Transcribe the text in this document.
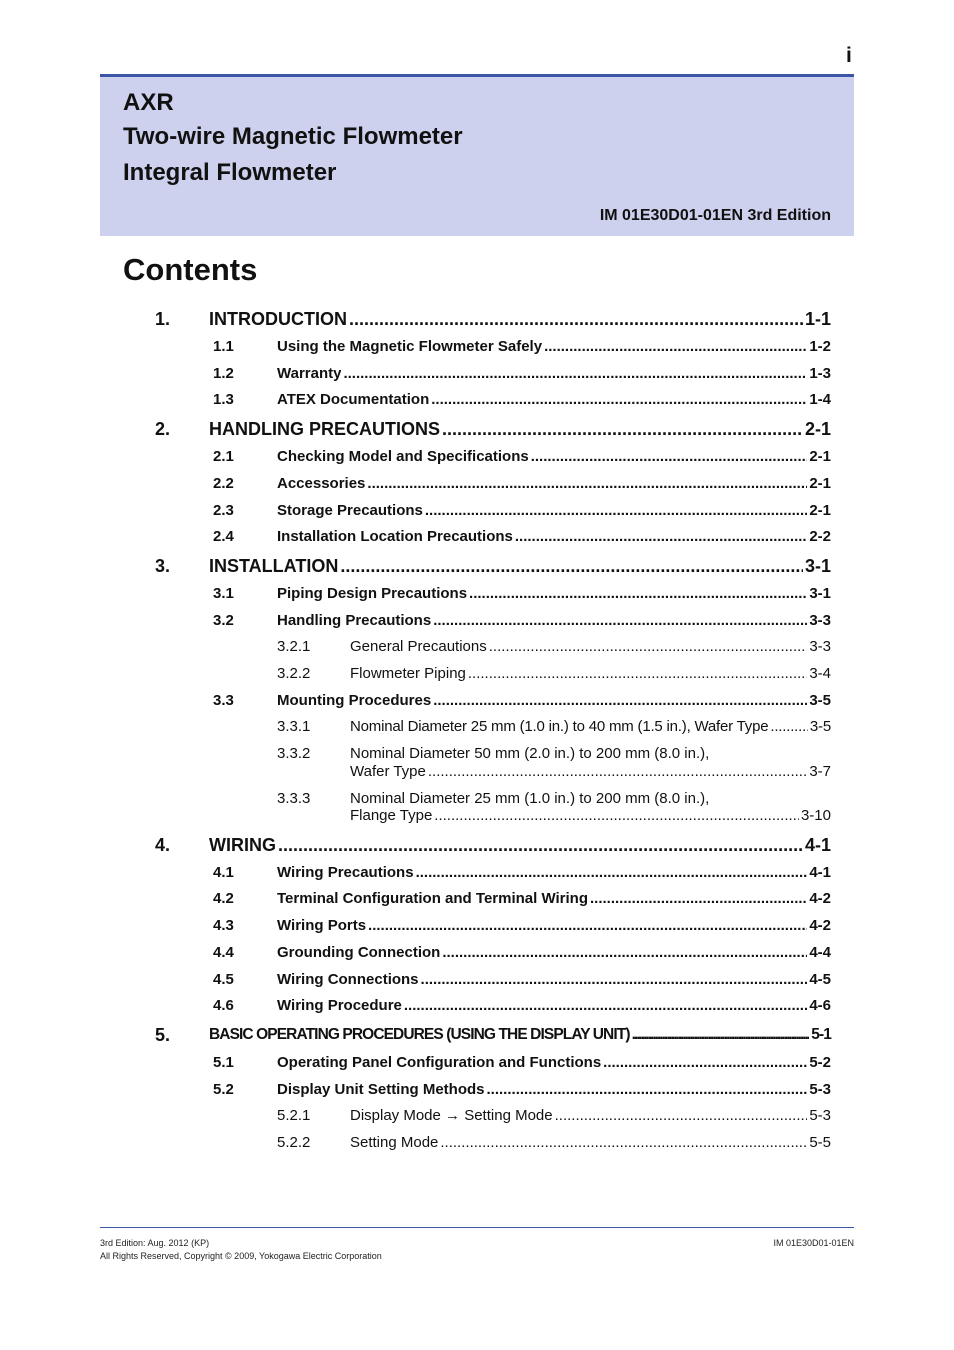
i
AXR
Two-wire Magnetic Flowmeter
Integral Flowmeter
IM 01E30D01-01EN 3rd Edition
Contents
1. INTRODUCTION .....	1-1
1.1	Using the Magnetic Flowmeter Safely .....	1-2
1.2	Warranty .....	1-3
1.3	ATEX Documentation .....	1-4
2. HANDLING PRECAUTIONS .....	2-1
2.1	Checking Model and Specifications .....	2-1
2.2	Accessories .....	2-1
2.3	Storage Precautions .....	2-1
2.4	Installation Location Precautions .....	2-2
3. INSTALLATION .....	3-1
3.1	Piping Design Precautions .....	3-1
3.2	Handling Precautions .....	3-3
3.2.1	General Precautions .....	3-3
3.2.2	Flowmeter Piping .....	3-4
3.3	Mounting Procedures .....	3-5
3.3.1	Nominal Diameter 25 mm (1.0 in.) to 40 mm (1.5 in.), Wafer Type .....	3-5
3.3.2	Nominal Diameter 50 mm (2.0 in.) to 200 mm (8.0 in.),
Wafer Type .....	3-7
3.3.3	Nominal Diameter 25 mm (1.0 in.) to 200 mm (8.0 in.),
Flange Type .....	3-10
4. WIRING .....	4-1
4.1	Wiring Precautions .....	4-1
4.2	Terminal Configuration and Terminal Wiring .....	4-2
4.3	Wiring Ports .....	4-2
4.4	Grounding Connection .....	4-4
4.5	Wiring Connections .....	4-5
4.6	Wiring Procedure .....	4-6
5.	BASIC OPERATING PROCEDURES (USING THE DISPLAY UNIT) .....	5-1
5.1	Operating Panel Configuration and Functions .....	5-2
5.2	Display Unit Setting Methods .....	5-3
5.2.1	Display Mode → Setting Mode .....	5-3
5.2.2	Setting Mode .....	5-5
3rd Edition: Aug. 2012 (KP)
All Rights Reserved, Copyright © 2009, Yokogawa Electric Corporation
IM 01E30D01-01EN
